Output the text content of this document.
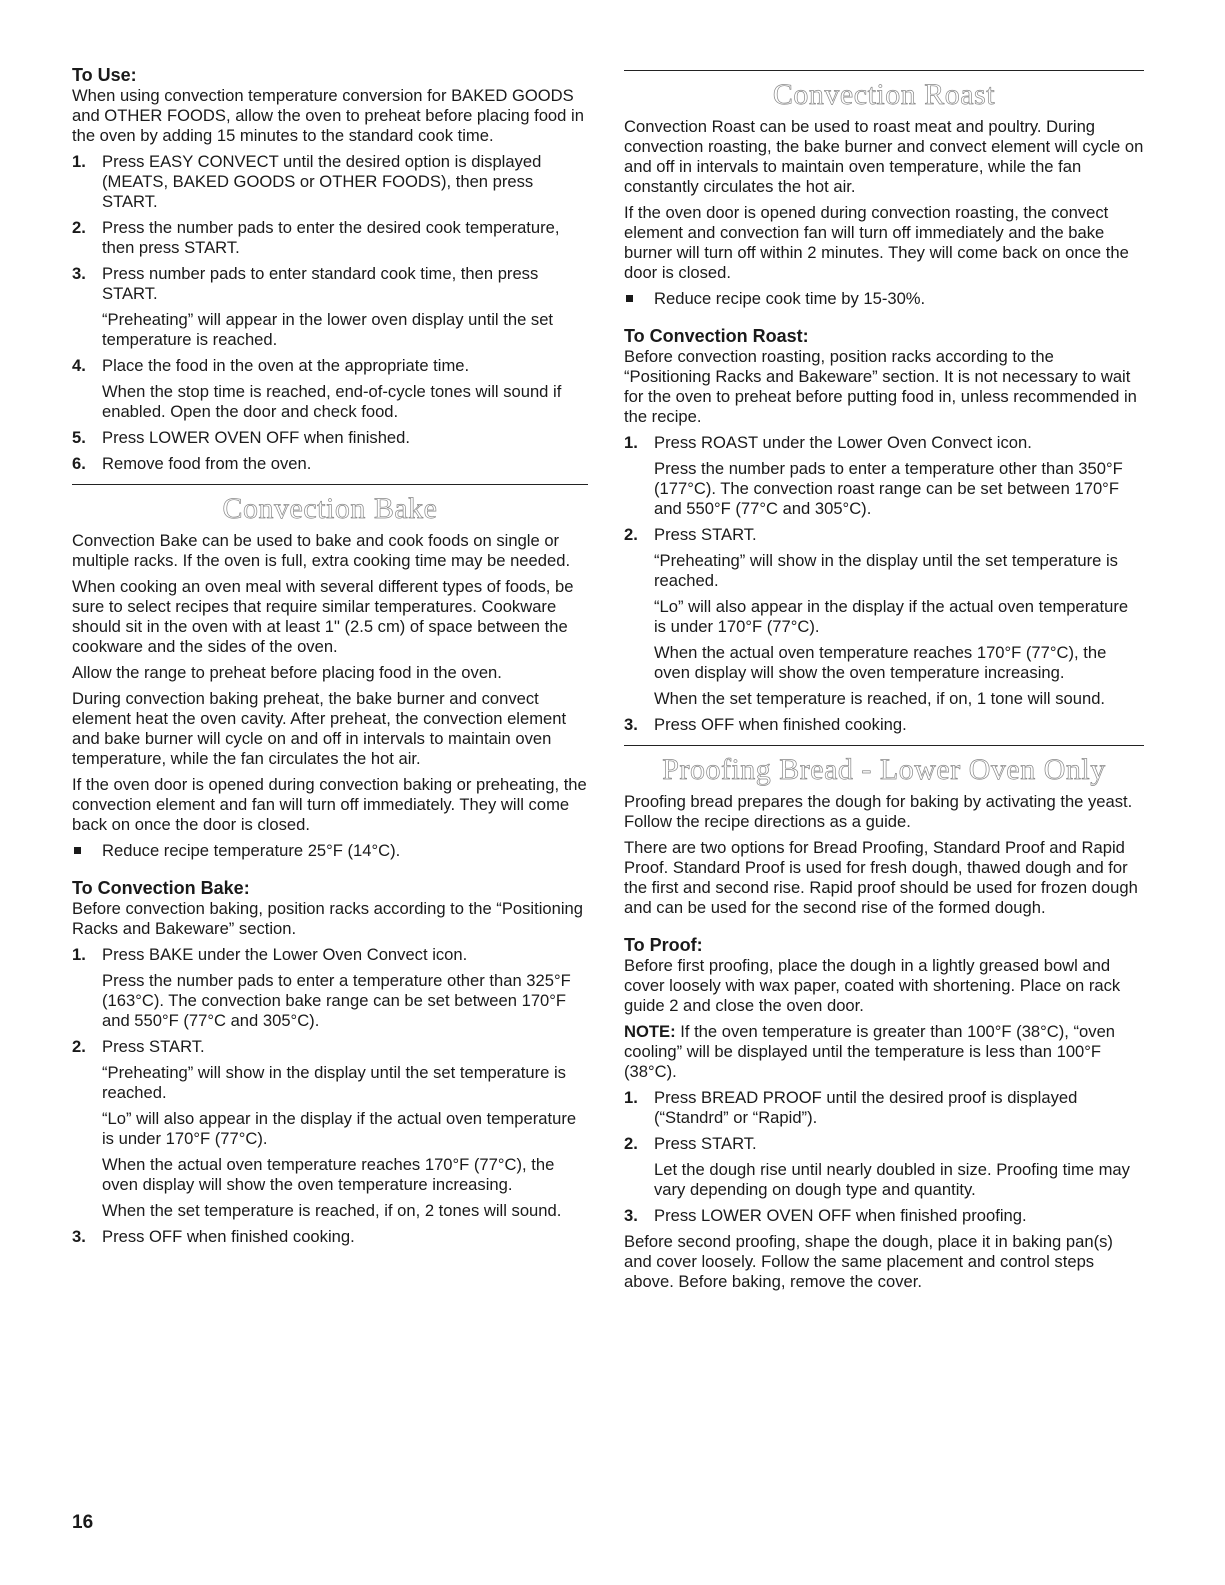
To Use:

When using convection temperature conversion for BAKED GOODS and OTHER FOODS, allow the oven to preheat before placing food in the oven by adding 15 minutes to the standard cook time.

1. Press EASY CONVECT until the desired option is displayed (MEATS, BAKED GOODS or OTHER FOODS), then press START.

2. Press the number pads to enter the desired cook temperature, then press START.

3. Press number pads to enter standard cook time, then press START.

“Preheating” will appear in the lower oven display until the set temperature is reached.

4. Place the food in the oven at the appropriate time.

When the stop time is reached, end-of-cycle tones will sound if enabled. Open the door and check food.

5. Press LOWER OVEN OFF when finished.

6. Remove food from the oven.

Convection Bake

Convection Bake can be used to bake and cook foods on single or multiple racks. If the oven is full, extra cooking time may be needed.

When cooking an oven meal with several different types of foods, be sure to select recipes that require similar temperatures. Cookware should sit in the oven with at least 1" (2.5 cm) of space between the cookware and the sides of the oven.

Allow the range to preheat before placing food in the oven.

During convection baking preheat, the bake burner and convect element heat the oven cavity. After preheat, the convection element and bake burner will cycle on and off in intervals to maintain oven temperature, while the fan circulates the hot air.

If the oven door is opened during convection baking or preheating, the convection element and fan will turn off immediately. They will come back on once the door is closed.

Reduce recipe temperature 25°F (14°C).

To Convection Bake:

Before convection baking, position racks according to the “Positioning Racks and Bakeware” section.

1. Press BAKE under the Lower Oven Convect icon.

Press the number pads to enter a temperature other than 325°F (163°C). The convection bake range can be set between 170°F and 550°F (77°C and 305°C).

2. Press START.

“Preheating” will show in the display until the set temperature is reached.

“Lo” will also appear in the display if the actual oven temperature is under 170°F (77°C).

When the actual oven temperature reaches 170°F (77°C), the oven display will show the oven temperature increasing.

When the set temperature is reached, if on, 2 tones will sound.

3. Press OFF when finished cooking.

Convection Roast

Convection Roast can be used to roast meat and poultry. During convection roasting, the bake burner and convect element will cycle on and off in intervals to maintain oven temperature, while the fan constantly circulates the hot air.

If the oven door is opened during convection roasting, the convect element and convection fan will turn off immediately and the bake burner will turn off within 2 minutes. They will come back on once the door is closed.

Reduce recipe cook time by 15-30%.

To Convection Roast:

Before convection roasting, position racks according to the “Positioning Racks and Bakeware” section. It is not necessary to wait for the oven to preheat before putting food in, unless recommended in the recipe.

1. Press ROAST under the Lower Oven Convect icon.

Press the number pads to enter a temperature other than 350°F (177°C). The convection roast range can be set between 170°F and 550°F (77°C and 305°C).

2. Press START.

“Preheating” will show in the display until the set temperature is reached.

“Lo” will also appear in the display if the actual oven temperature is under 170°F (77°C).

When the actual oven temperature reaches 170°F (77°C), the oven display will show the oven temperature increasing.

When the set temperature is reached, if on, 1 tone will sound.

3. Press OFF when finished cooking.

Proofing Bread - Lower Oven Only

Proofing bread prepares the dough for baking by activating the yeast. Follow the recipe directions as a guide.

There are two options for Bread Proofing, Standard Proof and Rapid Proof. Standard Proof is used for fresh dough, thawed dough and for the first and second rise. Rapid proof should be used for frozen dough and can be used for the second rise of the formed dough.

To Proof:

Before first proofing, place the dough in a lightly greased bowl and cover loosely with wax paper, coated with shortening. Place on rack guide 2 and close the oven door.

NOTE: If the oven temperature is greater than 100°F (38°C), “oven cooling” will be displayed until the temperature is less than 100°F (38°C).

1. Press BREAD PROOF until the desired proof is displayed (“Standrd” or “Rapid”).

2. Press START.

Let the dough rise until nearly doubled in size. Proofing time may vary depending on dough type and quantity.

3. Press LOWER OVEN OFF when finished proofing.

Before second proofing, shape the dough, place it in baking pan(s) and cover loosely. Follow the same placement and control steps above. Before baking, remove the cover.

16
